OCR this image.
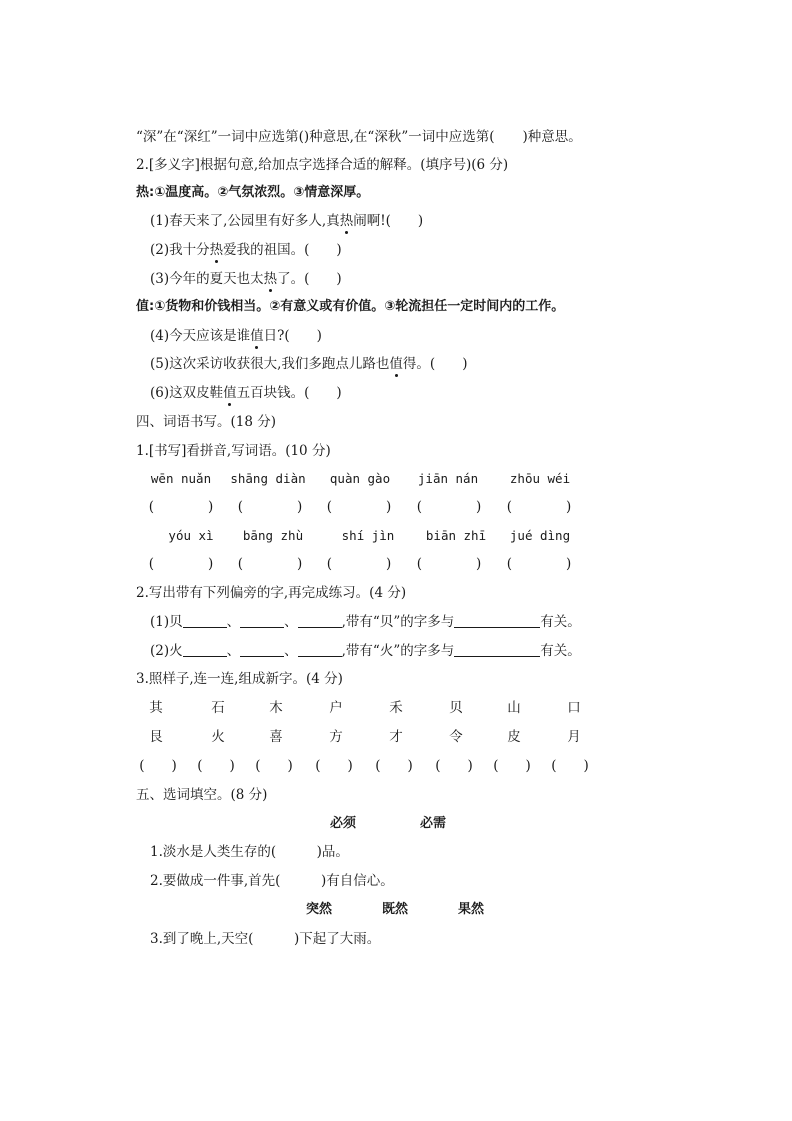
“深”在“深红”一词中应选第()种意思,在“深秋”一词中应选第( )种意思。
2.[多义字]根据句意,给加点字选择合适的解释。(填序号)(6 分)
热:①温度高。②气氛浓烈。③情意深厚。
(1)春天来了,公园里有好多人,真热闹啊!(　　)
(2)我十分热爱我的祖国。(　　)
(3)今年的夏天也太热了。(　　)
值:①货物和价钱相当。②有意义或有价值。③轮流担任一定时间内的工作。
(4)今天应该是谁值日?(　　)
(5)这次采访收获很大,我们多跑点儿路也值得。(　　)
(6)这双皮鞋值五百块钱。(　　)
四、词语书写。(18 分)
1.[书写]看拼音,写词语。(10 分)
wēn nuǎn	shāng diàn	quàn gào	jiān nán	zhōu wéi
(　　　　)	(　　　　)	(　　　　)	(　　　　)	(　　　　)
yóu xì	bāng zhù	shí jìn	biān zhī	jué dìng
(　　　　)	(　　　　)	(　　　　)	(　　　　)	(　　　　)
2.写出带有下列偏旁的字,再完成练习。(4 分)
(1)贝	、	、	,带有“贝”的字多与	有关。
(2)火	、	、	,带有“火”的字多与	有关。
3.照样子,连一连,组成新字。(4 分)
其	石	木	户	禾	贝	山	口
艮	火	喜	方	才	令	皮	月
(　　) (　　) (　　) (　　) (　　) (　　) (　　) (　　)
五、选词填空。(8 分)
必须	必需
1.淡水是人类生存的(　　　)品。
2.要做成一件事,首先(　　　)有自信心。
突然	既然	果然
3.到了晚上,天空(　　　)下起了大雨。
